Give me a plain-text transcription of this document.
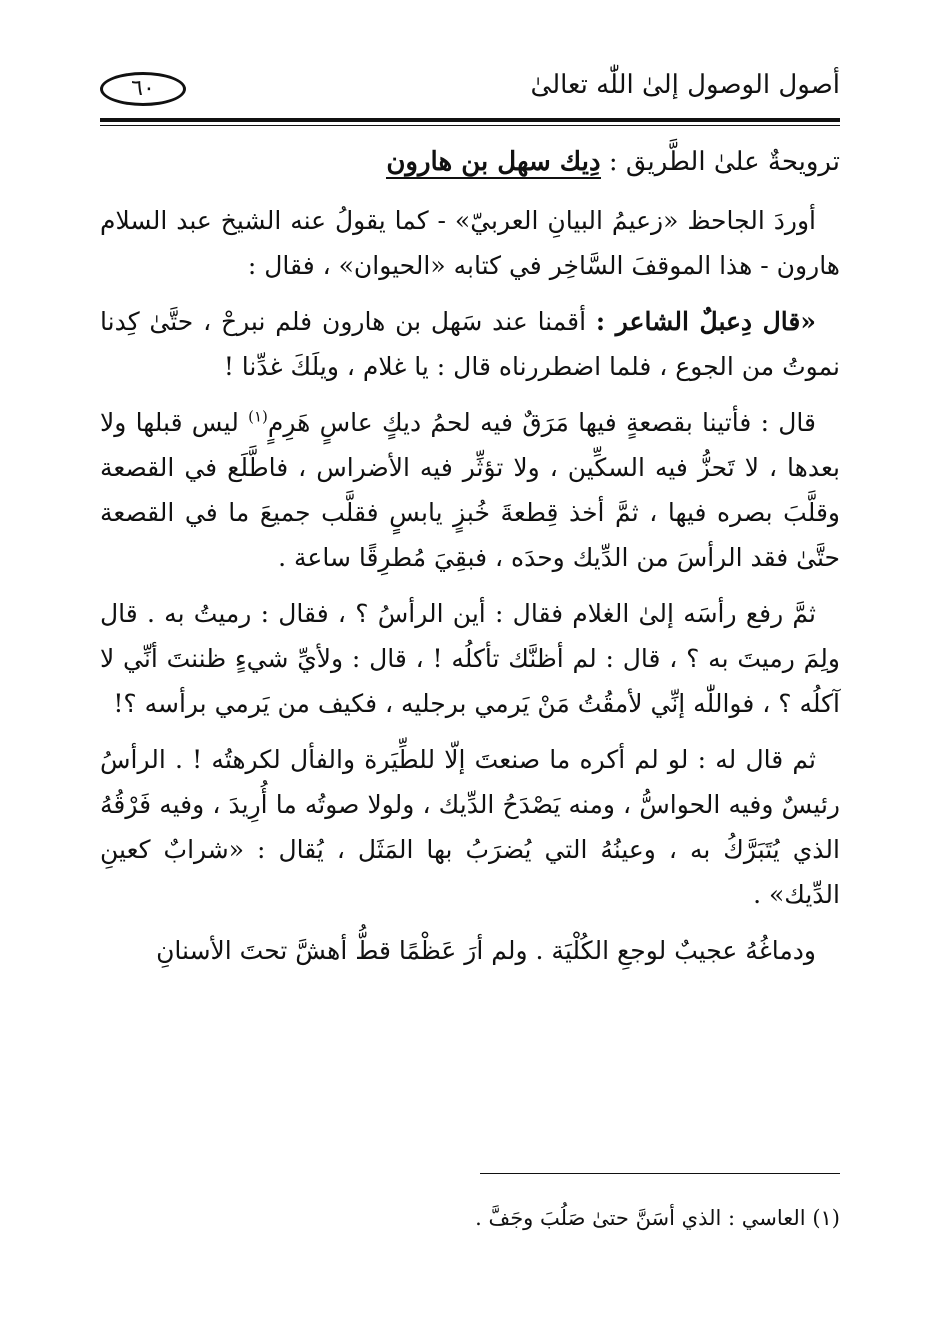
أصول الوصول إلىٰ اللّٰه تعالىٰ
٦٠
ترويحةٌ علىٰ الطَّريق : دِيك سهل بن هارون

أوردَ الجاحظ «زعيمُ البيانِ العربيّ» - كما يقولُ عنه الشيخ عبد السلام هارون - هذا الموقفَ السَّاخِر في كتابه «الحيوان» ، فقال :

«قال دِعبلٌ الشاعر : أقمنا عند سَهل بن هارون فلم نبرحْ ، حتَّىٰ كِدنا نموتُ من الجوع ، فلما اضطررناه قال : يا غلام ، ويلَكَ غدِّنا !

قال : فأتينا بقصعةٍ فيها مَرَقٌ فيه لحمُ ديكٍ عاسٍ هَرِمٍ$^{(١)}$ ليس قبلها ولا بعدها ، لا تَحزُّ فيه السكِّين ، ولا تؤثِّر فيه الأضراس ، فاطَّلَع في القصعة وقلَّبَ بصره فيها ، ثمَّ أخذ قِطعةَ خُبزٍ يابسٍ فقلَّب جميعَ ما في القصعة حتَّىٰ فقد الرأسَ من الدِّيك وحدَه ، فبقِيَ مُطرِقًا ساعة .

ثمَّ رفع رأسَه إلىٰ الغلام فقال : أين الرأسُ ؟ ، فقال : رميتُ به . قال ولِمَ رميتَ به ؟ ، قال : لم أظنَّك تأكلُه ! ، قال : ولأيِّ شيءٍ ظننتَ أنِّي لا آكلُه ؟ ، فواللّٰه إنِّي لأمقُتُ مَنْ يَرمي برجليه ، فكيف من يَرمي برأسه ؟!

ثم قال له : لو لم أكره ما صنعتَ إلّا للطِّيَرة والفأل لكرهتُه ! . الرأسُ رئيسٌ وفيه الحواسُّ ، ومنه يَصْدَحُ الدِّيك ، ولولا صوتُه ما أُرِيدَ ، وفيه فَرْقُهُ الذي يُتَبَرَّكُ به ، وعينُهُ التي يُضرَبُ بها المَثَل ، يُقال : «شرابٌ كعينِ الدِّيك» .

ودماغُهُ عجيبٌ لوجعِ الكُلْيَة . ولم أرَ عَظْمًا قطُّ أهشَّ تحتَ الأسنانِ

(١) العاسي : الذي أسَنَّ حتىٰ صَلُبَ وجَفَّ .
